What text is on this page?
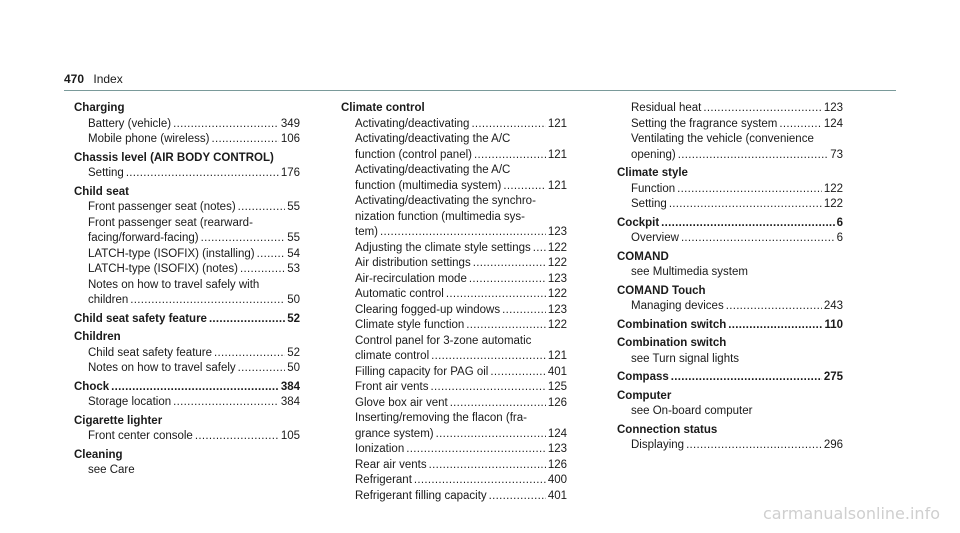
470 Index
Charging
Battery (vehicle) .....	349
Mobile phone (wireless) .....	106
Chassis level (AIR BODY CONTROL)
Setting .....	176
Child seat
Front passenger seat (notes) .....	55
Front passenger seat (rearward-
facing/forward-facing) .....	55
LATCH-type (ISOFIX) (installing) .....	54
LATCH-type (ISOFIX) (notes) .....	53
Notes on how to travel safely with
children .....	50
Child seat safety feature .....	52
Children
Child seat safety feature .....	52
Notes on how to travel safely .....	50
Chock .....	384
Storage location .....	384
Cigarette lighter
Front center console .....	105
Cleaning
see Care
Climate control
Activating/deactivating .....	121
Activating/deactivating the A/C
function (control panel) .....	121
Activating/deactivating the A/C
function (multimedia system) .....	121
Activating/deactivating the synchro-
nization function (multimedia sys-
tem) .....	123
Adjusting the climate style settings ..... 122
Air distribution settings .....	122
Air-recirculation mode .....	123
Automatic control .....	122
Clearing fogged-up windows .....	123
Climate style function .....	122
Control panel for 3-zone automatic
climate control .....	121
Filling capacity for PAG oil .....	401
Front air vents .....	125
Glove box air vent .....	126
Inserting/removing the flacon (fra-
grance system) .....	124
Ionization .....	123
Rear air vents .....	126
Refrigerant .....	400
Refrigerant filling capacity .....	401
Residual heat .....	123
Setting the fragrance system .....	124
Ventilating the vehicle (convenience
opening) .....	73
Climate style
Function .....	122
Setting .....	122
Cockpit .....	6
Overview .....	6
COMAND
see Multimedia system
COMAND Touch
Managing devices .....	243
Combination switch .....	110
Combination switch
see Turn signal lights
Compass .....	275
Computer
see On-board computer
Connection status
Displaying .....	296
carmanualsonline.info
